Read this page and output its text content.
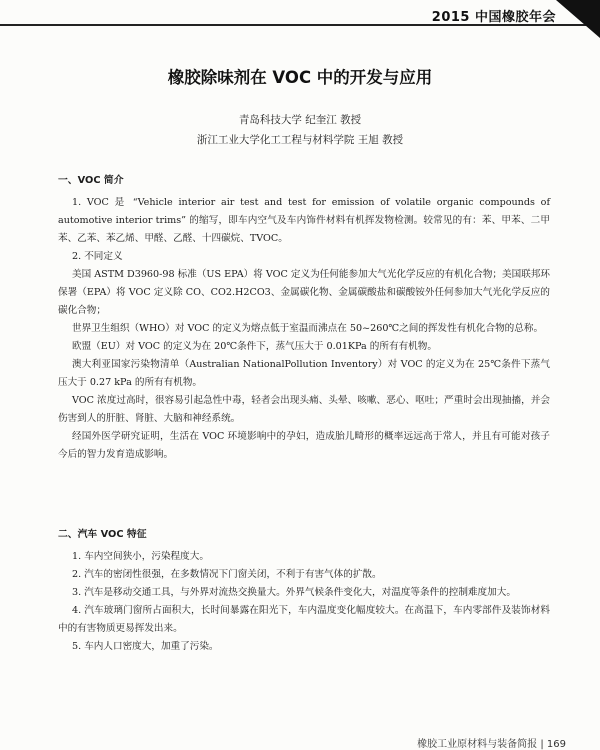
2015 中国橡胶年会
橡胶除味剂在 VOC 中的开发与应用
青岛科技大学 纪奎江 教授
浙江工业大学化工工程与材料学院 王旭 教授

一、VOC 简介

1. VOC 是 “Vehicle interior air test and test for emission of volatile organic compounds of automotive interior trims” 的缩写，即车内空气及车内饰件材料有机挥发物检测。较常见的有：苯、甲苯、二甲苯、乙苯、苯乙烯、甲醛、乙醛、十四碳烷、TVOC。

2. 不同定义

美国 ASTM D3960-98 标准（US EPA）将 VOC 定义为任何能参加大气光化学反应的有机化合物；美国联邦环保署（EPA）将 VOC 定义除 CO、CO2.H2CO3、金属碳化物、金属碳酸盐和碳酸铵外任何参加大气光化学反应的碳化合物；

世界卫生组织（WHO）对 VOC 的定义为熔点低于室温而沸点在 50~260℃之间的挥发性有机化合物的总称。

欧盟（EU）对 VOC 的定义为在 20℃条件下，蒸气压大于 0.01KPa 的所有有机物。

澳大利亚国家污染物清单（Australian NationalPollution Inventory）对 VOC 的定义为在 25℃条件下蒸气压大于 0.27 kPa 的所有有机物。

VOC 浓度过高时，很容易引起急性中毒，轻者会出现头痛、头晕、咳嗽、恶心、呕吐；严重时会出现抽搐，并会伤害到人的肝脏、肾脏、大脑和神经系统。

经国外医学研究证明，生活在 VOC 环境影响中的孕妇，造成胎儿畸形的概率远远高于常人，并且有可能对孩子今后的智力发育造成影响。

二、汽车 VOC 特征

1. 车内空间狭小，污染程度大。

2. 汽车的密闭性很强，在多数情况下门窗关闭，不利于有害气体的扩散。

3. 汽车是移动交通工具，与外界对流热交换量大。外界气候条件变化大，对温度等条件的控制难度加大。

4. 汽车玻璃门窗所占面积大，长时间暴露在阳光下，车内温度变化幅度较大。在高温下，车内零部件及装饰材料中的有害物质更易挥发出来。

5. 车内人口密度大，加重了污染。

橡胶工业原材料与装备简报 | 169
